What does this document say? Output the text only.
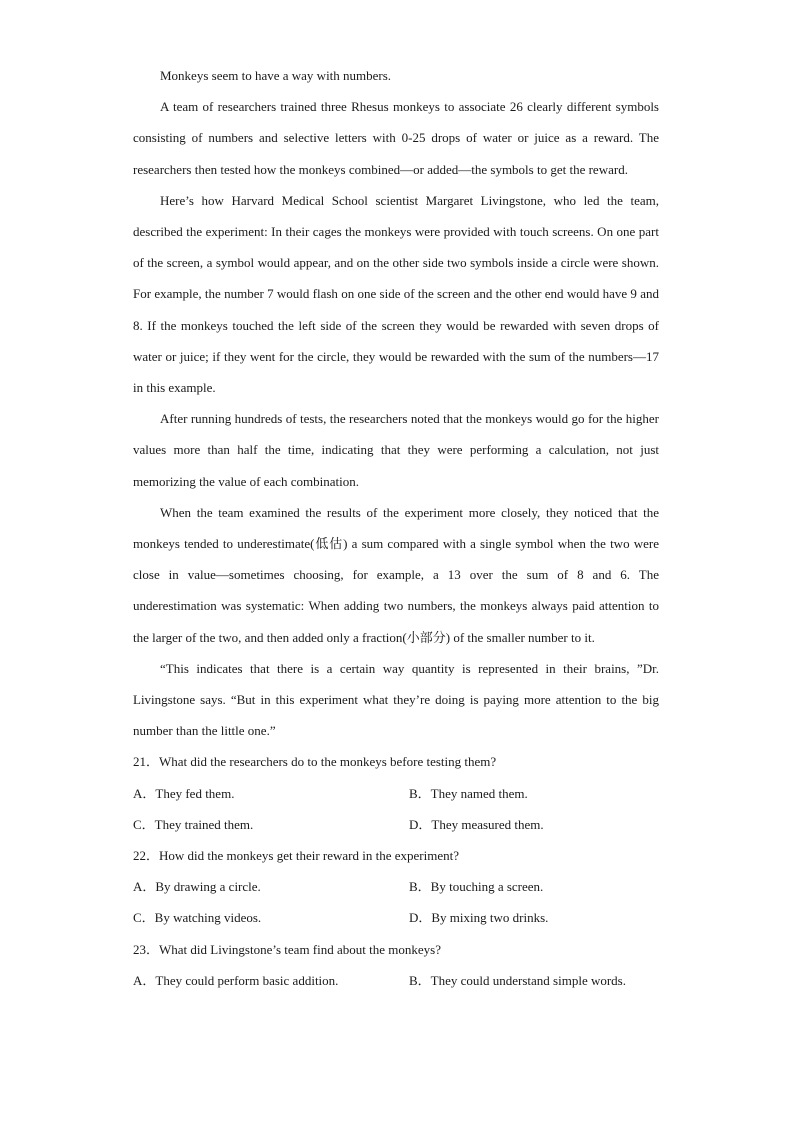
Monkeys seem to have a way with numbers.

A team of researchers trained three Rhesus monkeys to associate 26 clearly different symbols consisting of numbers and selective letters with 0-25 drops of water or juice as a reward. The researchers then tested how the monkeys combined—or added—the symbols to get the reward.

Here’s how Harvard Medical School scientist Margaret Livingstone, who led the team, described the experiment: In their cages the monkeys were provided with touch screens. On one part of the screen, a symbol would appear, and on the other side two symbols inside a circle were shown. For example, the number 7 would flash on one side of the screen and the other end would have 9 and 8. If the monkeys touched the left side of the screen they would be rewarded with seven drops of water or juice; if they went for the circle, they would be rewarded with the sum of the numbers—17 in this example.

After running hundreds of tests, the researchers noted that the monkeys would go for the higher values more than half the time, indicating that they were performing a calculation, not just memorizing the value of each combination.

When the team examined the results of the experiment more closely, they noticed that the monkeys tended to underestimate(低估) a sum compared with a single symbol when the two were close in value—sometimes choosing, for example, a 13 over the sum of 8 and 6. The underestimation was systematic: When adding two numbers, the monkeys always paid attention to the larger of the two, and then added only a fraction(小部分) of the smaller number to it.

“This indicates that there is a certain way quantity is represented in their brains, ”Dr. Livingstone says. “But in this experiment what they’re doing is paying more attention to the big number than the little one.”

21．What did the researchers do to the monkeys before testing them?

A．They fed them.	B．They named them.
C．They trained them.	D．They measured them.

22．How did the monkeys get their reward in the experiment?

A．By drawing a circle.	B．By touching a screen.
C．By watching videos.	D．By mixing two drinks.

23．What did Livingstone’s team find about the monkeys?

A．They could perform basic addition.	B．They could understand simple words.
